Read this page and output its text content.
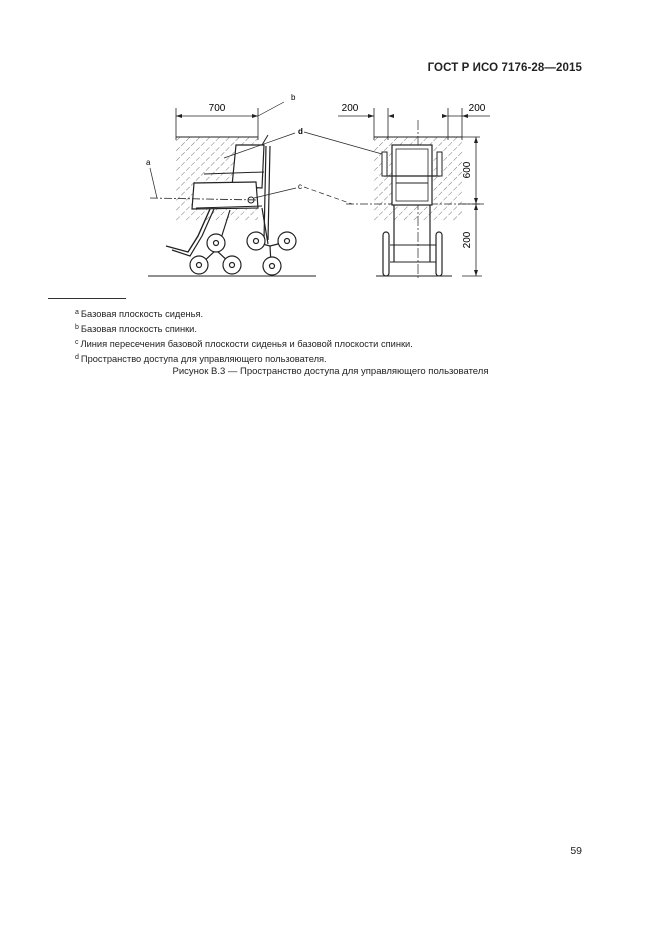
ГОСТ Р ИСО 7176-28—2015
700
b
a
d
c
200	200
600
200
$^a$ Базовая плоскость сиденья.
$^b$ Базовая плоскость спинки.
$^c$ Линия пересечения базовой плоскости сиденья и базовой плоскости спинки.
$^d$ Пространство доступа для управляющего пользователя.
Рисунок В.3 — Пространство доступа для управляющего пользователя
59
